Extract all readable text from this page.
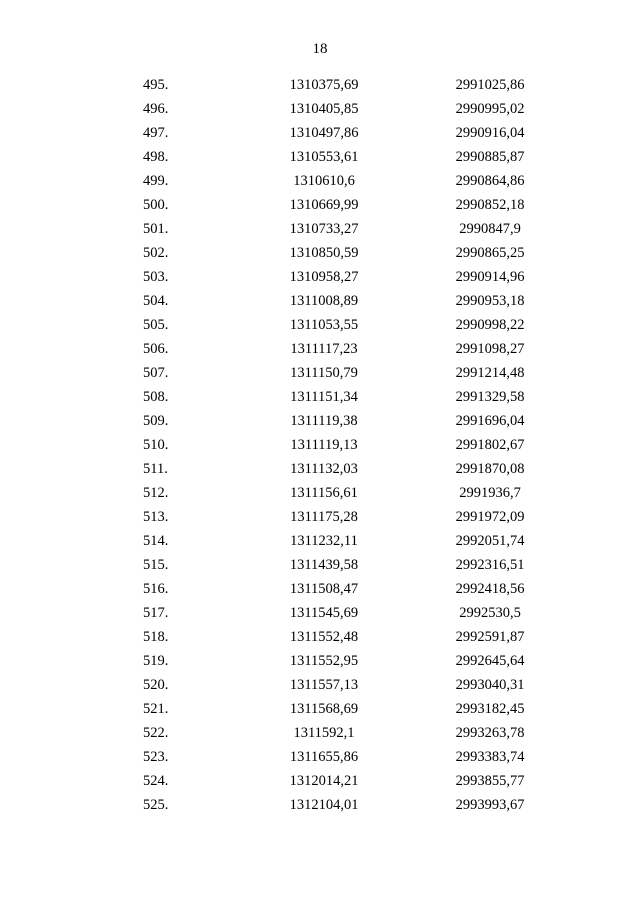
18
495.	1310375,69	2991025,86
496.	1310405,85	2990995,02
497.	1310497,86	2990916,04
498.	1310553,61	2990885,87
499.	1310610,6	2990864,86
500.	1310669,99	2990852,18
501.	1310733,27	2990847,9
502.	1310850,59	2990865,25
503.	1310958,27	2990914,96
504.	1311008,89	2990953,18
505.	1311053,55	2990998,22
506.	1311117,23	2991098,27
507.	1311150,79	2991214,48
508.	1311151,34	2991329,58
509.	1311119,38	2991696,04
510.	1311119,13	2991802,67
511.	1311132,03	2991870,08
512.	1311156,61	2991936,7
513.	1311175,28	2991972,09
514.	1311232,11	2992051,74
515.	1311439,58	2992316,51
516.	1311508,47	2992418,56
517.	1311545,69	2992530,5
518.	1311552,48	2992591,87
519.	1311552,95	2992645,64
520.	1311557,13	2993040,31
521.	1311568,69	2993182,45
522.	1311592,1	2993263,78
523.	1311655,86	2993383,74
524.	1312014,21	2993855,77
525.	1312104,01	2993993,67
